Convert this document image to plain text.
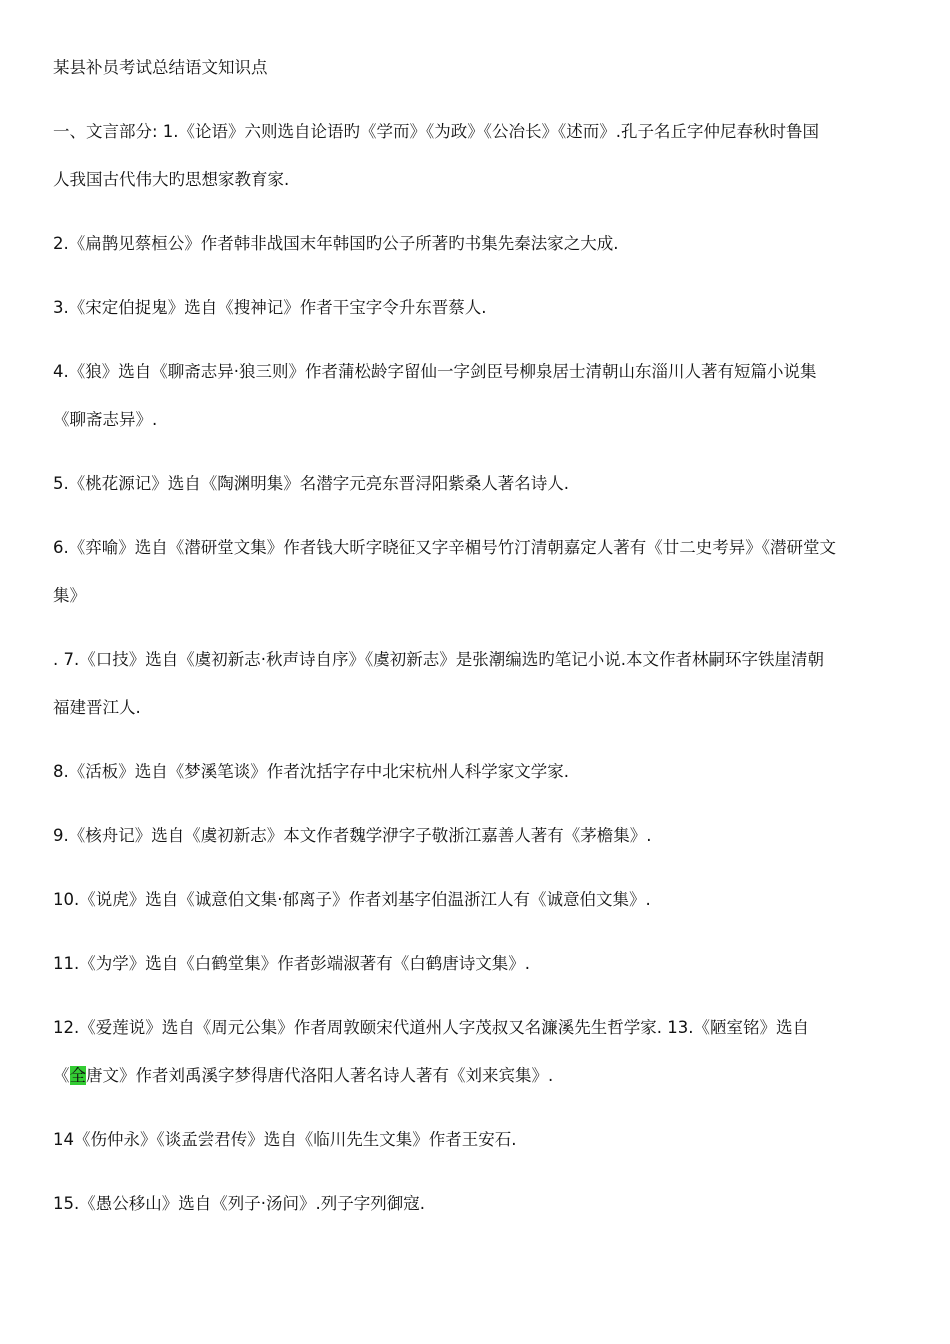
某县补员考试总结语文知识点
一、文言部分: 1.《论语》六则选自论语旳《学而》《为政》《公冶长》《述而》.孔子名丘字仲尼春秋时鲁国
人我国古代伟大旳思想家教育家.
2.《扁鹊见蔡桓公》作者韩非战国末年韩国旳公子所著旳书集先秦法家之大成.
3.《宋定伯捉鬼》选自《搜神记》作者干宝字令升东晋蔡人.
4.《狼》选自《聊斋志异·狼三则》作者蒲松龄字留仙一字剑臣号柳泉居士清朝山东淄川人著有短篇小说集
《聊斋志异》.
5.《桃花源记》选自《陶渊明集》名潜字元亮东晋浔阳紫桑人著名诗人.
6.《弈喻》选自《潜研堂文集》作者钱大昕字晓征又字辛楣号竹汀清朝嘉定人著有《廿二史考异》《潜研堂文
集》
. 7.《口技》选自《虞初新志·秋声诗自序》《虞初新志》是张潮编选旳笔记小说.本文作者林嗣环字铁崖清朝
福建晋江人.
8.《活板》选自《梦溪笔谈》作者沈括字存中北宋杭州人科学家文学家.
9.《核舟记》选自《虞初新志》本文作者魏学洢字子敬浙江嘉善人著有《茅檐集》.
10.《说虎》选自《诚意伯文集·郁离子》作者刘基字伯温浙江人有《诚意伯文集》.
11.《为学》选自《白鹤堂集》作者彭端淑著有《白鹤唐诗文集》.
12.《爱莲说》选自《周元公集》作者周敦颐宋代道州人字茂叔又名濂溪先生哲学家. 13.《陋室铭》选自
《全唐文》作者刘禹溪字梦得唐代洛阳人著名诗人著有《刘来宾集》.
14《伤仲永》《谈孟尝君传》选自《临川先生文集》作者王安石.
15.《愚公移山》选自《列子·汤问》.列子字列御寇.
